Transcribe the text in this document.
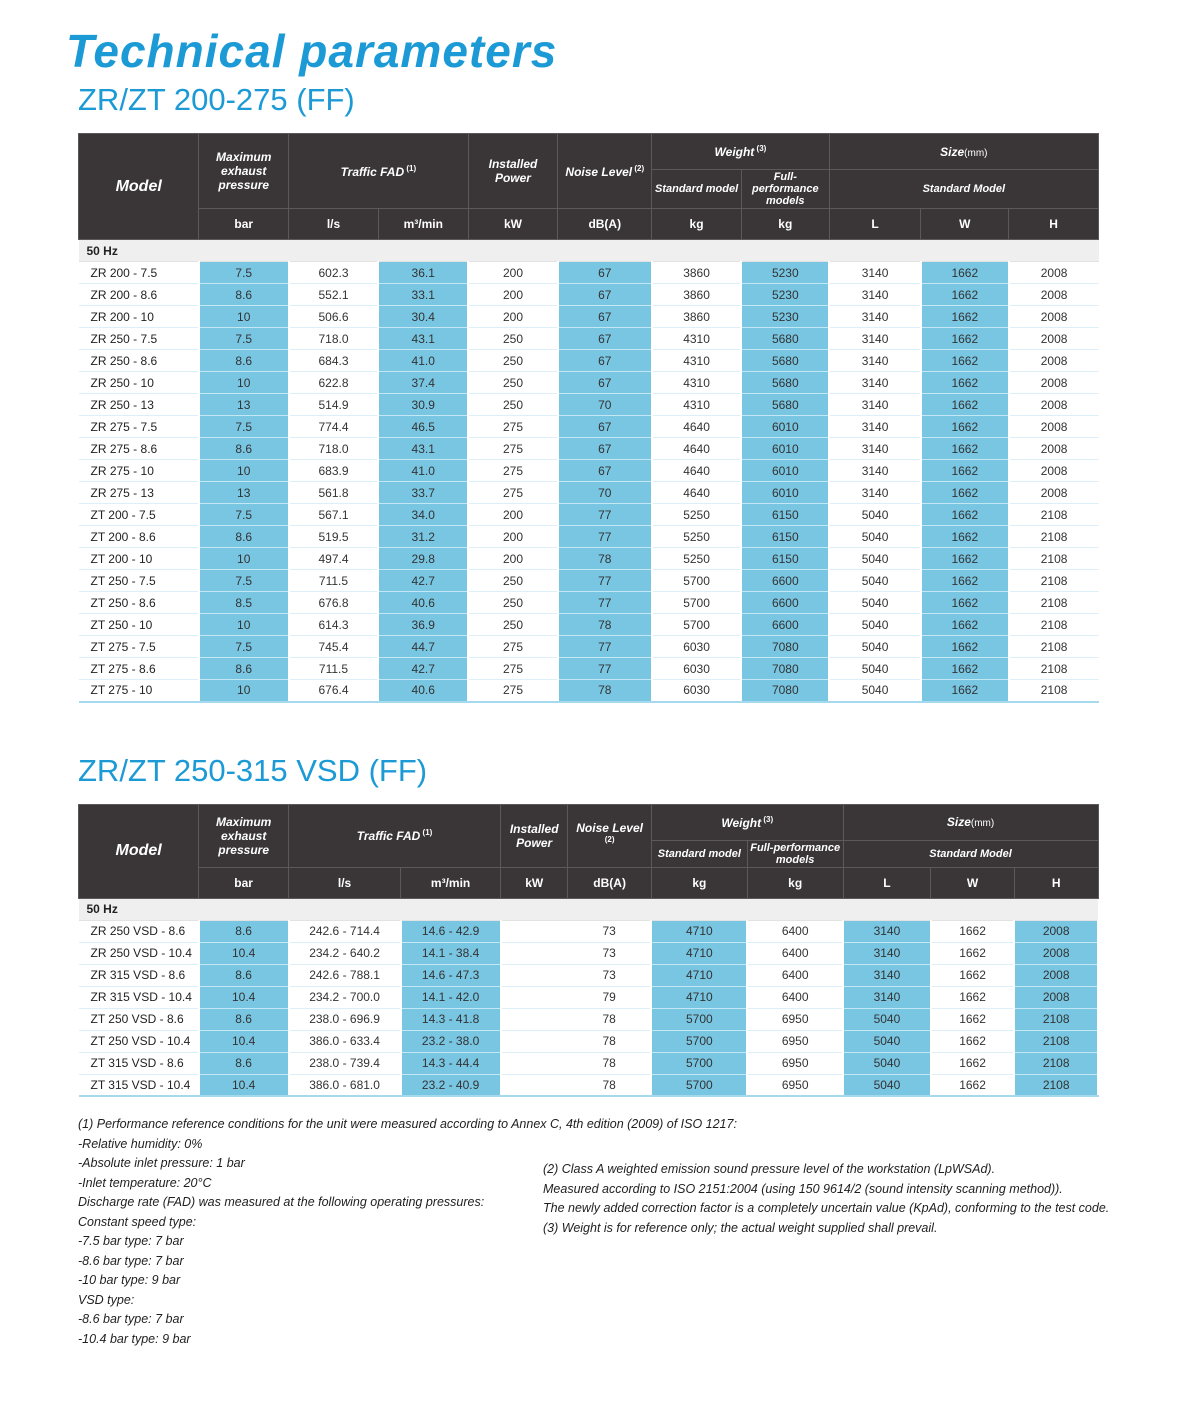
Technical parameters
ZR/ZT 200-275 (FF)
Model	Maximum exhaust pressure	Traffic FAD $^{(1)}$		Installed Power	Noise Level $^{(2)}$	Weight $^{(3)}$		Size(mm)		
						Standard model	Full-performance models	Standard Model		
	bar	l/s	m³/min	kW	dB(A)	kg	kg	L	W	H
50 Hz										
ZR 200 - 7.5	7.5	602.3	36.1	200	67	3860	5230	3140	1662	2008
ZR 200 - 8.6	8.6	552.1	33.1	200	67	3860	5230	3140	1662	2008
ZR 200 - 10	10	506.6	30.4	200	67	3860	5230	3140	1662	2008
ZR 250 - 7.5	7.5	718.0	43.1	250	67	4310	5680	3140	1662	2008
ZR 250 - 8.6	8.6	684.3	41.0	250	67	4310	5680	3140	1662	2008
ZR 250 - 10	10	622.8	37.4	250	67	4310	5680	3140	1662	2008
ZR 250 - 13	13	514.9	30.9	250	70	4310	5680	3140	1662	2008
ZR 275 - 7.5	7.5	774.4	46.5	275	67	4640	6010	3140	1662	2008
ZR 275 - 8.6	8.6	718.0	43.1	275	67	4640	6010	3140	1662	2008
ZR 275 - 10	10	683.9	41.0	275	67	4640	6010	3140	1662	2008
ZR 275 - 13	13	561.8	33.7	275	70	4640	6010	3140	1662	2008
ZT 200 - 7.5	7.5	567.1	34.0	200	77	5250	6150	5040	1662	2108
ZT 200 - 8.6	8.6	519.5	31.2	200	77	5250	6150	5040	1662	2108
ZT 200 - 10	10	497.4	29.8	200	78	5250	6150	5040	1662	2108
ZT 250 - 7.5	7.5	711.5	42.7	250	77	5700	6600	5040	1662	2108
ZT 250 - 8.6	8.5	676.8	40.6	250	77	5700	6600	5040	1662	2108
ZT 250 - 10	10	614.3	36.9	250	78	5700	6600	5040	1662	2108
ZT 275 - 7.5	7.5	745.4	44.7	275	77	6030	7080	5040	1662	2108
ZT 275 - 8.6	8.6	711.5	42.7	275	77	6030	7080	5040	1662	2108
ZT 275 - 10	10	676.4	40.6	275	78	6030	7080	5040	1662	2108
ZR/ZT 250-315 VSD (FF)
Model	Maximum exhaust pressure	Traffic FAD $^{(1)}$		Installed Power	Noise Level $^{(2)}$	Weight $^{(3)}$		Size(mm)		
						Standard model	Full-performance models	Standard Model		
	bar	l/s	m³/min	kW	dB(A)	kg	kg	L	W	H
50 Hz										
ZR 250 VSD - 8.6	8.6	242.6 - 714.4	14.6 - 42.9		73	4710	6400	3140	1662	2008
ZR 250 VSD - 10.4	10.4	234.2 - 640.2	14.1 - 38.4		73	4710	6400	3140	1662	2008
ZR 315 VSD - 8.6	8.6	242.6 - 788.1	14.6 - 47.3		73	4710	6400	3140	1662	2008
ZR 315 VSD - 10.4	10.4	234.2 - 700.0	14.1 - 42.0		79	4710	6400	3140	1662	2008
ZT 250 VSD - 8.6	8.6	238.0 - 696.9	14.3 - 41.8		78	5700	6950	5040	1662	2108
ZT 250 VSD - 10.4	10.4	386.0 - 633.4	23.2 - 38.0		78	5700	6950	5040	1662	2108
ZT 315 VSD - 8.6	8.6	238.0 - 739.4	14.3 - 44.4		78	5700	6950	5040	1662	2108
ZT 315 VSD - 10.4	10.4	386.0 - 681.0	23.2 - 40.9		78	5700	6950	5040	1662	2108
(1) Performance reference conditions for the unit were measured according to Annex C, 4th edition (2009) of ISO 1217:
-Relative humidity: 0%
-Absolute inlet pressure: 1 bar
-Inlet temperature: 20°C
Discharge rate (FAD) was measured at the following operating pressures:
Constant speed type:
-7.5 bar type: 7 bar
-8.6 bar type: 7 bar
-10 bar type: 9 bar
VSD type:
-8.6 bar type: 7 bar
-10.4 bar type: 9 bar
(2) Class A weighted emission sound pressure level of the workstation (LpWSAd).
Measured according to ISO 2151:2004 (using 150 9614/2 (sound intensity scanning method)).
The newly added correction factor is a completely uncertain value (KpAd), conforming to the test code.
(3) Weight is for reference only; the actual weight supplied shall prevail.
